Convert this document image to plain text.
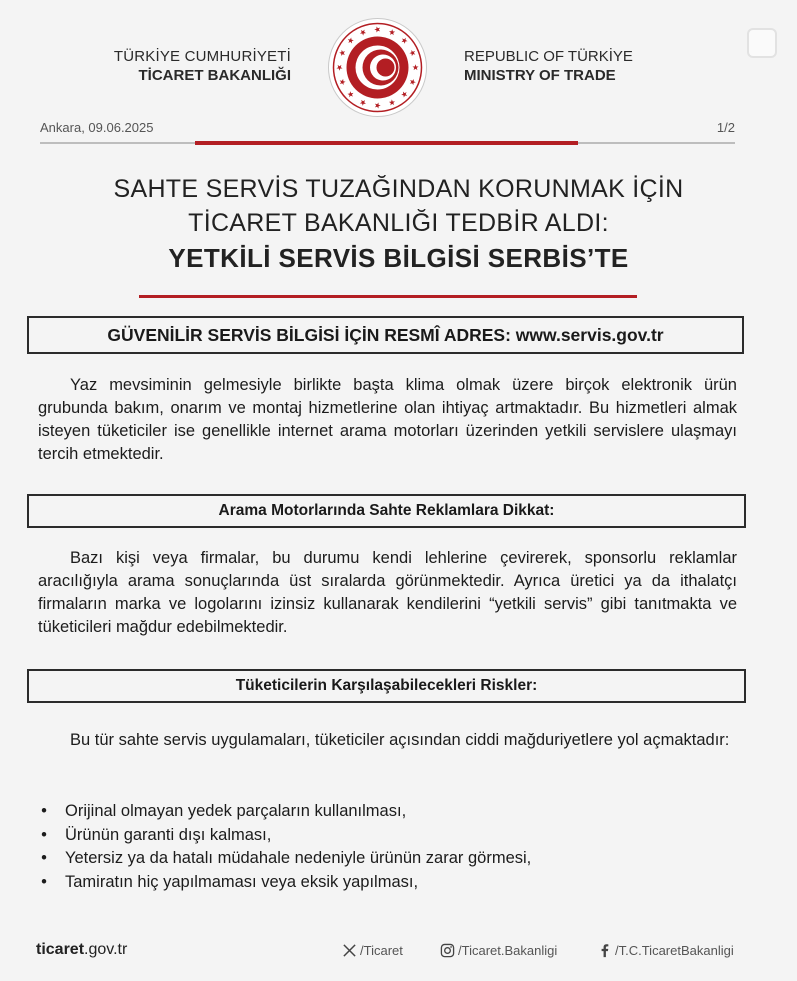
TÜRKİYE CUMHURİYETİ
TİCARET BAKANLIĞI
REPUBLIC OF TÜRKİYE
MINISTRY OF TRADE
Ankara, 09.06.2025	1/2
SAHTE SERVİS TUZAĞINDAN KORUNMAK İÇİN
TİCARET BAKANLIĞI TEDBİR ALDI:
YETKİLİ SERVİS BİLGİSİ SERBİS’TE
GÜVENİLİR SERVİS BİLGİSİ İÇİN RESMÎ ADRES: www.servis.gov.tr

Yaz mevsiminin gelmesiyle birlikte başta klima olmak üzere birçok elektronik ürün grubunda bakım, onarım ve montaj hizmetlerine olan ihtiyaç artmaktadır. Bu hizmetleri almak isteyen tüketiciler ise genellikle internet arama motorları üzerinden yetkili servislere ulaşmayı tercih etmektedir.

Arama Motorlarında Sahte Reklamlara Dikkat:

Bazı kişi veya firmalar, bu durumu kendi lehlerine çevirerek, sponsorlu reklamlar aracılığıyla arama sonuçlarında üst sıralarda görünmektedir. Ayrıca üretici ya da ithalatçı firmaların marka ve logolarını izinsiz kullanarak kendilerini “yetkili servis” gibi tanıtmakta ve tüketicileri mağdur edebilmektedir.

Tüketicilerin Karşılaşabilecekleri Riskler:

Bu tür sahte servis uygulamaları, tüketiciler açısından ciddi mağduriyetlere yol açmaktadır:

• Orijinal olmayan yedek parçaların kullanılması,
• Ürünün garanti dışı kalması,
• Yetersiz ya da hatalı müdahale nedeniyle ürünün zarar görmesi,
• Tamiratın hiç yapılmaması veya eksik yapılması,
ticaret.gov.tr	/Ticaret	/Ticaret.Bakanligi	/T.C.TicaretBakanligi
